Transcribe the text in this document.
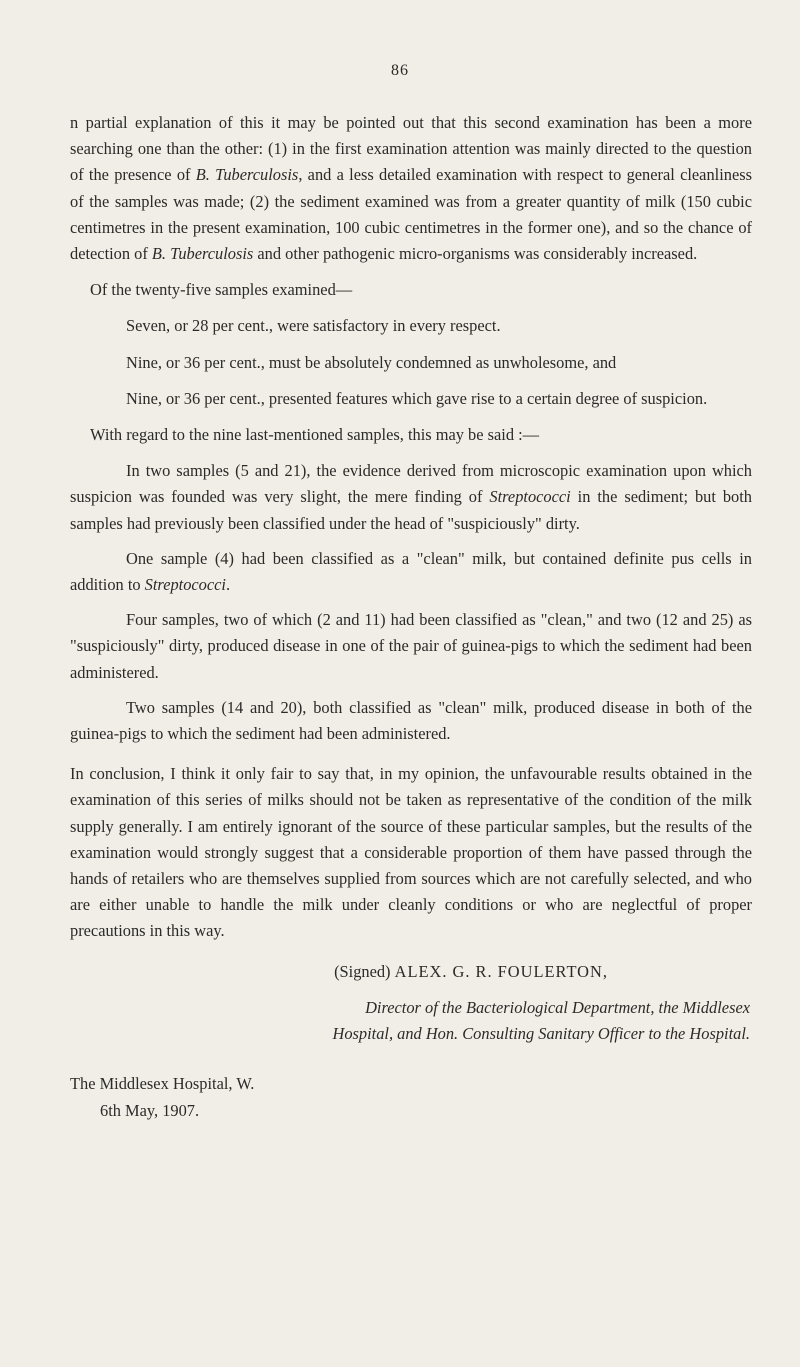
86

n partial explanation of this it may be pointed out that this second examination has been a more searching one than the other: (1) in the first examination attention was mainly directed to the question of the presence of B. Tuberculosis, and a less detailed examination with respect to general cleanliness of the samples was made; (2) the sediment examined was from a greater quantity of milk (150 cubic centimetres in the present examination, 100 cubic centimetres in the former one), and so the chance of detection of B. Tuberculosis and other pathogenic micro-organisms was considerably increased.

Of the twenty-five samples examined—

Seven, or 28 per cent., were satisfactory in every respect.

Nine, or 36 per cent., must be absolutely condemned as unwholesome, and

Nine, or 36 per cent., presented features which gave rise to a certain degree of suspicion.

With regard to the nine last-mentioned samples, this may be said :—

In two samples (5 and 21), the evidence derived from microscopic examination upon which suspicion was founded was very slight, the mere finding of Streptococci in the sediment; but both samples had previously been classified under the head of "suspiciously" dirty.

One sample (4) had been classified as a "clean" milk, but contained definite pus cells in addition to Streptococci.

Four samples, two of which (2 and 11) had been classified as "clean," and two (12 and 25) as "suspiciously" dirty, produced disease in one of the pair of guinea-pigs to which the sediment had been administered.

Two samples (14 and 20), both classified as "clean" milk, produced disease in both of the guinea-pigs to which the sediment had been administered.

In conclusion, I think it only fair to say that, in my opinion, the unfavourable results obtained in the examination of this series of milks should not be taken as representative of the condition of the milk supply generally. I am entirely ignorant of the source of these particular samples, but the results of the examination would strongly suggest that a considerable proportion of them have passed through the hands of retailers who are themselves supplied from sources which are not carefully selected, and who are either unable to handle the milk under cleanly conditions or who are neglectful of proper precautions in this way.

(Signed) ALEX. G. R. FOULERTON,
Director of the Bacteriological Department, the Middlesex
Hospital, and Hon. Consulting Sanitary Officer to the Hospital.
The Middlesex Hospital, W.
6th May, 1907.
